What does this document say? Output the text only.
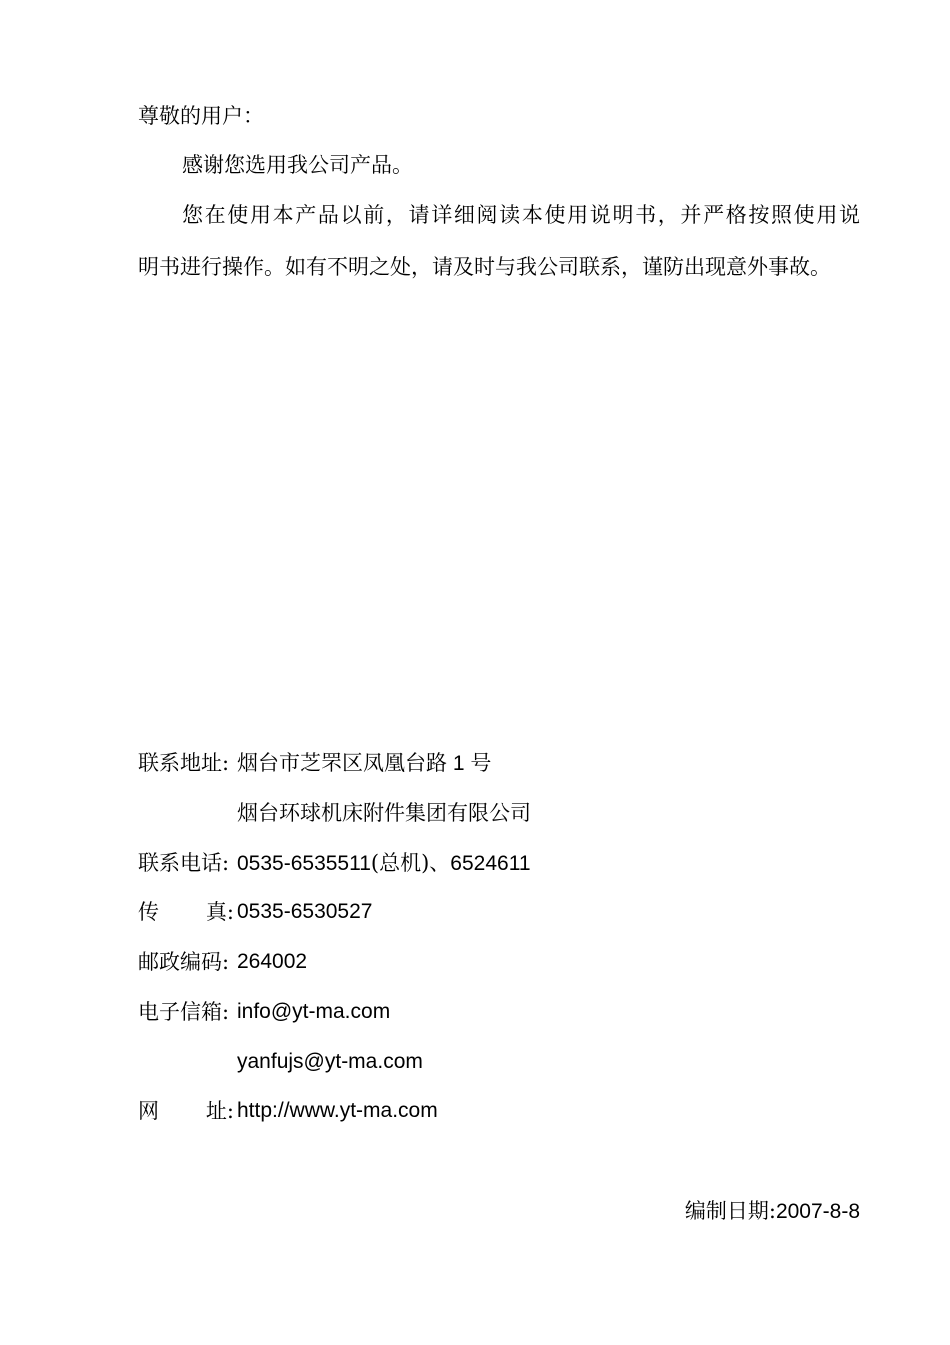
尊敬的用户：
感谢您选用我公司产品。
您在使用本产品以前，请详细阅读本使用说明书，并严格按照使用说
明书进行操作。如有不明之处，请及时与我公司联系，谨防出现意外事故。
联系地址: 烟台市芝罘区凤凰台路 1 号
烟台环球机床附件集团有限公司
联系电话: 0535-6535511(总机)、6524611
传 真: 0535-6530527
邮政编码: 264002
电子信箱: info@yt-ma.com
yanfujs@yt-ma.com
网 址: http://www.yt-ma.com
编制日期:2007-8-8
